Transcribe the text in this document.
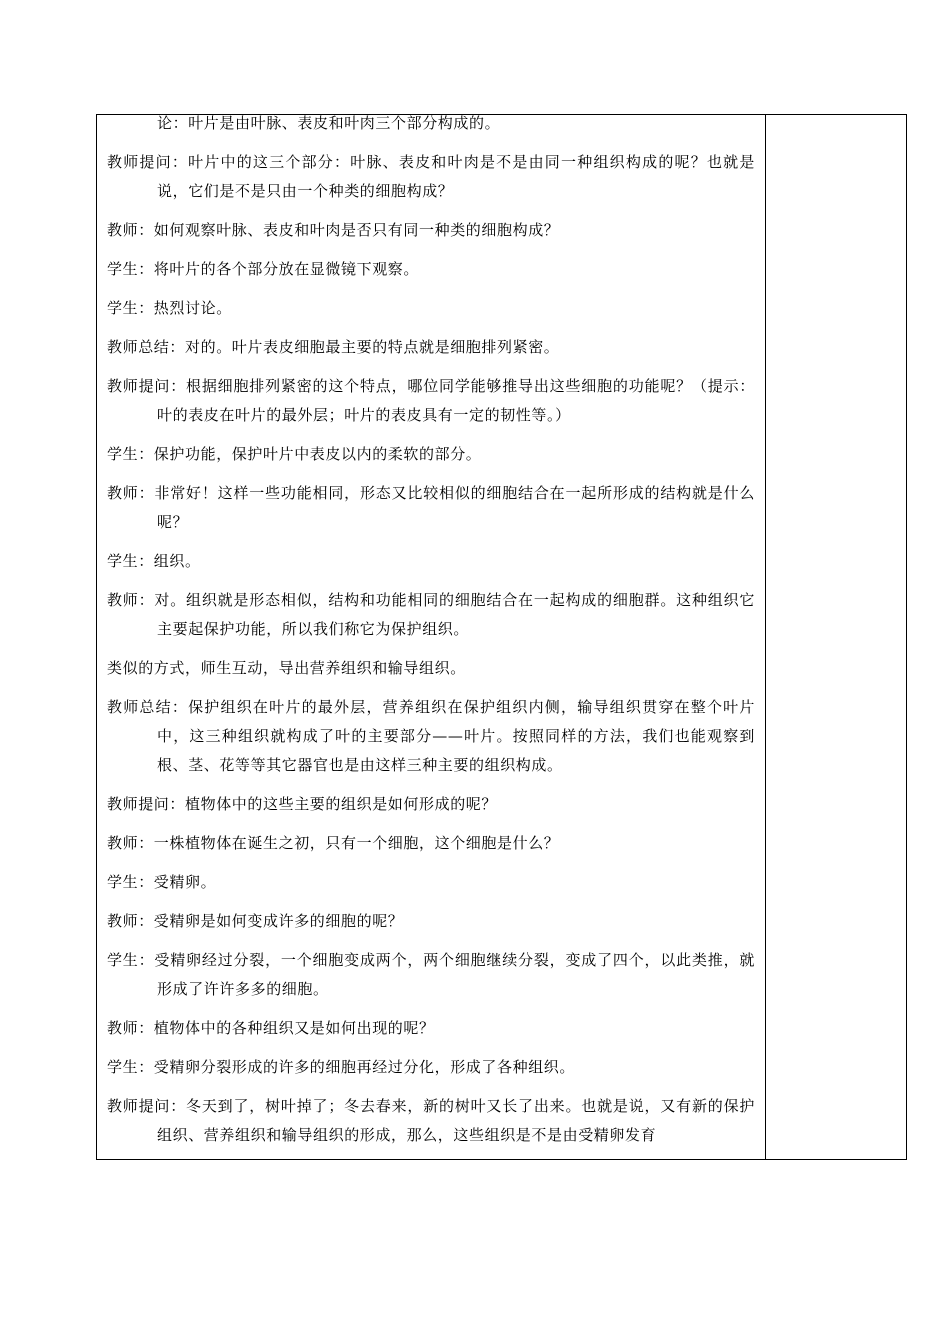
论：叶片是由叶脉、表皮和叶肉三个部分构成的。

教师提问：叶片中的这三个部分：叶脉、表皮和叶肉是不是由同一种组织构成的呢？也就是说，它们是不是只由一个种类的细胞构成？

教师：如何观察叶脉、表皮和叶肉是否只有同一种类的细胞构成？

学生：将叶片的各个部分放在显微镜下观察。

学生：热烈讨论。

教师总结：对的。叶片表皮细胞最主要的特点就是细胞排列紧密。

教师提问：根据细胞排列紧密的这个特点，哪位同学能够推导出这些细胞的功能呢？（提示：叶的表皮在叶片的最外层；叶片的表皮具有一定的韧性等。）

学生：保护功能，保护叶片中表皮以内的柔软的部分。

教师：非常好！这样一些功能相同，形态又比较相似的细胞结合在一起所形成的结构就是什么呢？

学生：组织。

教师：对。组织就是形态相似，结构和功能相同的细胞结合在一起构成的细胞群。这种组织它主要起保护功能，所以我们称它为保护组织。

类似的方式，师生互动，导出营养组织和输导组织。

教师总结：保护组织在叶片的最外层，营养组织在保护组织内侧，输导组织贯穿在整个叶片中，这三种组织就构成了叶的主要部分——叶片。按照同样的方法，我们也能观察到根、茎、花等等其它器官也是由这样三种主要的组织构成。

教师提问：植物体中的这些主要的组织是如何形成的呢？

教师：一株植物体在诞生之初，只有一个细胞，这个细胞是什么？

学生：受精卵。

教师：受精卵是如何变成许多的细胞的呢？

学生：受精卵经过分裂，一个细胞变成两个，两个细胞继续分裂，变成了四个，以此类推，就形成了许许多多的细胞。

教师：植物体中的各种组织又是如何出现的呢？

学生：受精卵分裂形成的许多的细胞再经过分化，形成了各种组织。

教师提问：冬天到了，树叶掉了；冬去春来，新的树叶又长了出来。也就是说，又有新的保护组织、营养组织和输导组织的形成，那么，这些组织是不是由受精卵发育
